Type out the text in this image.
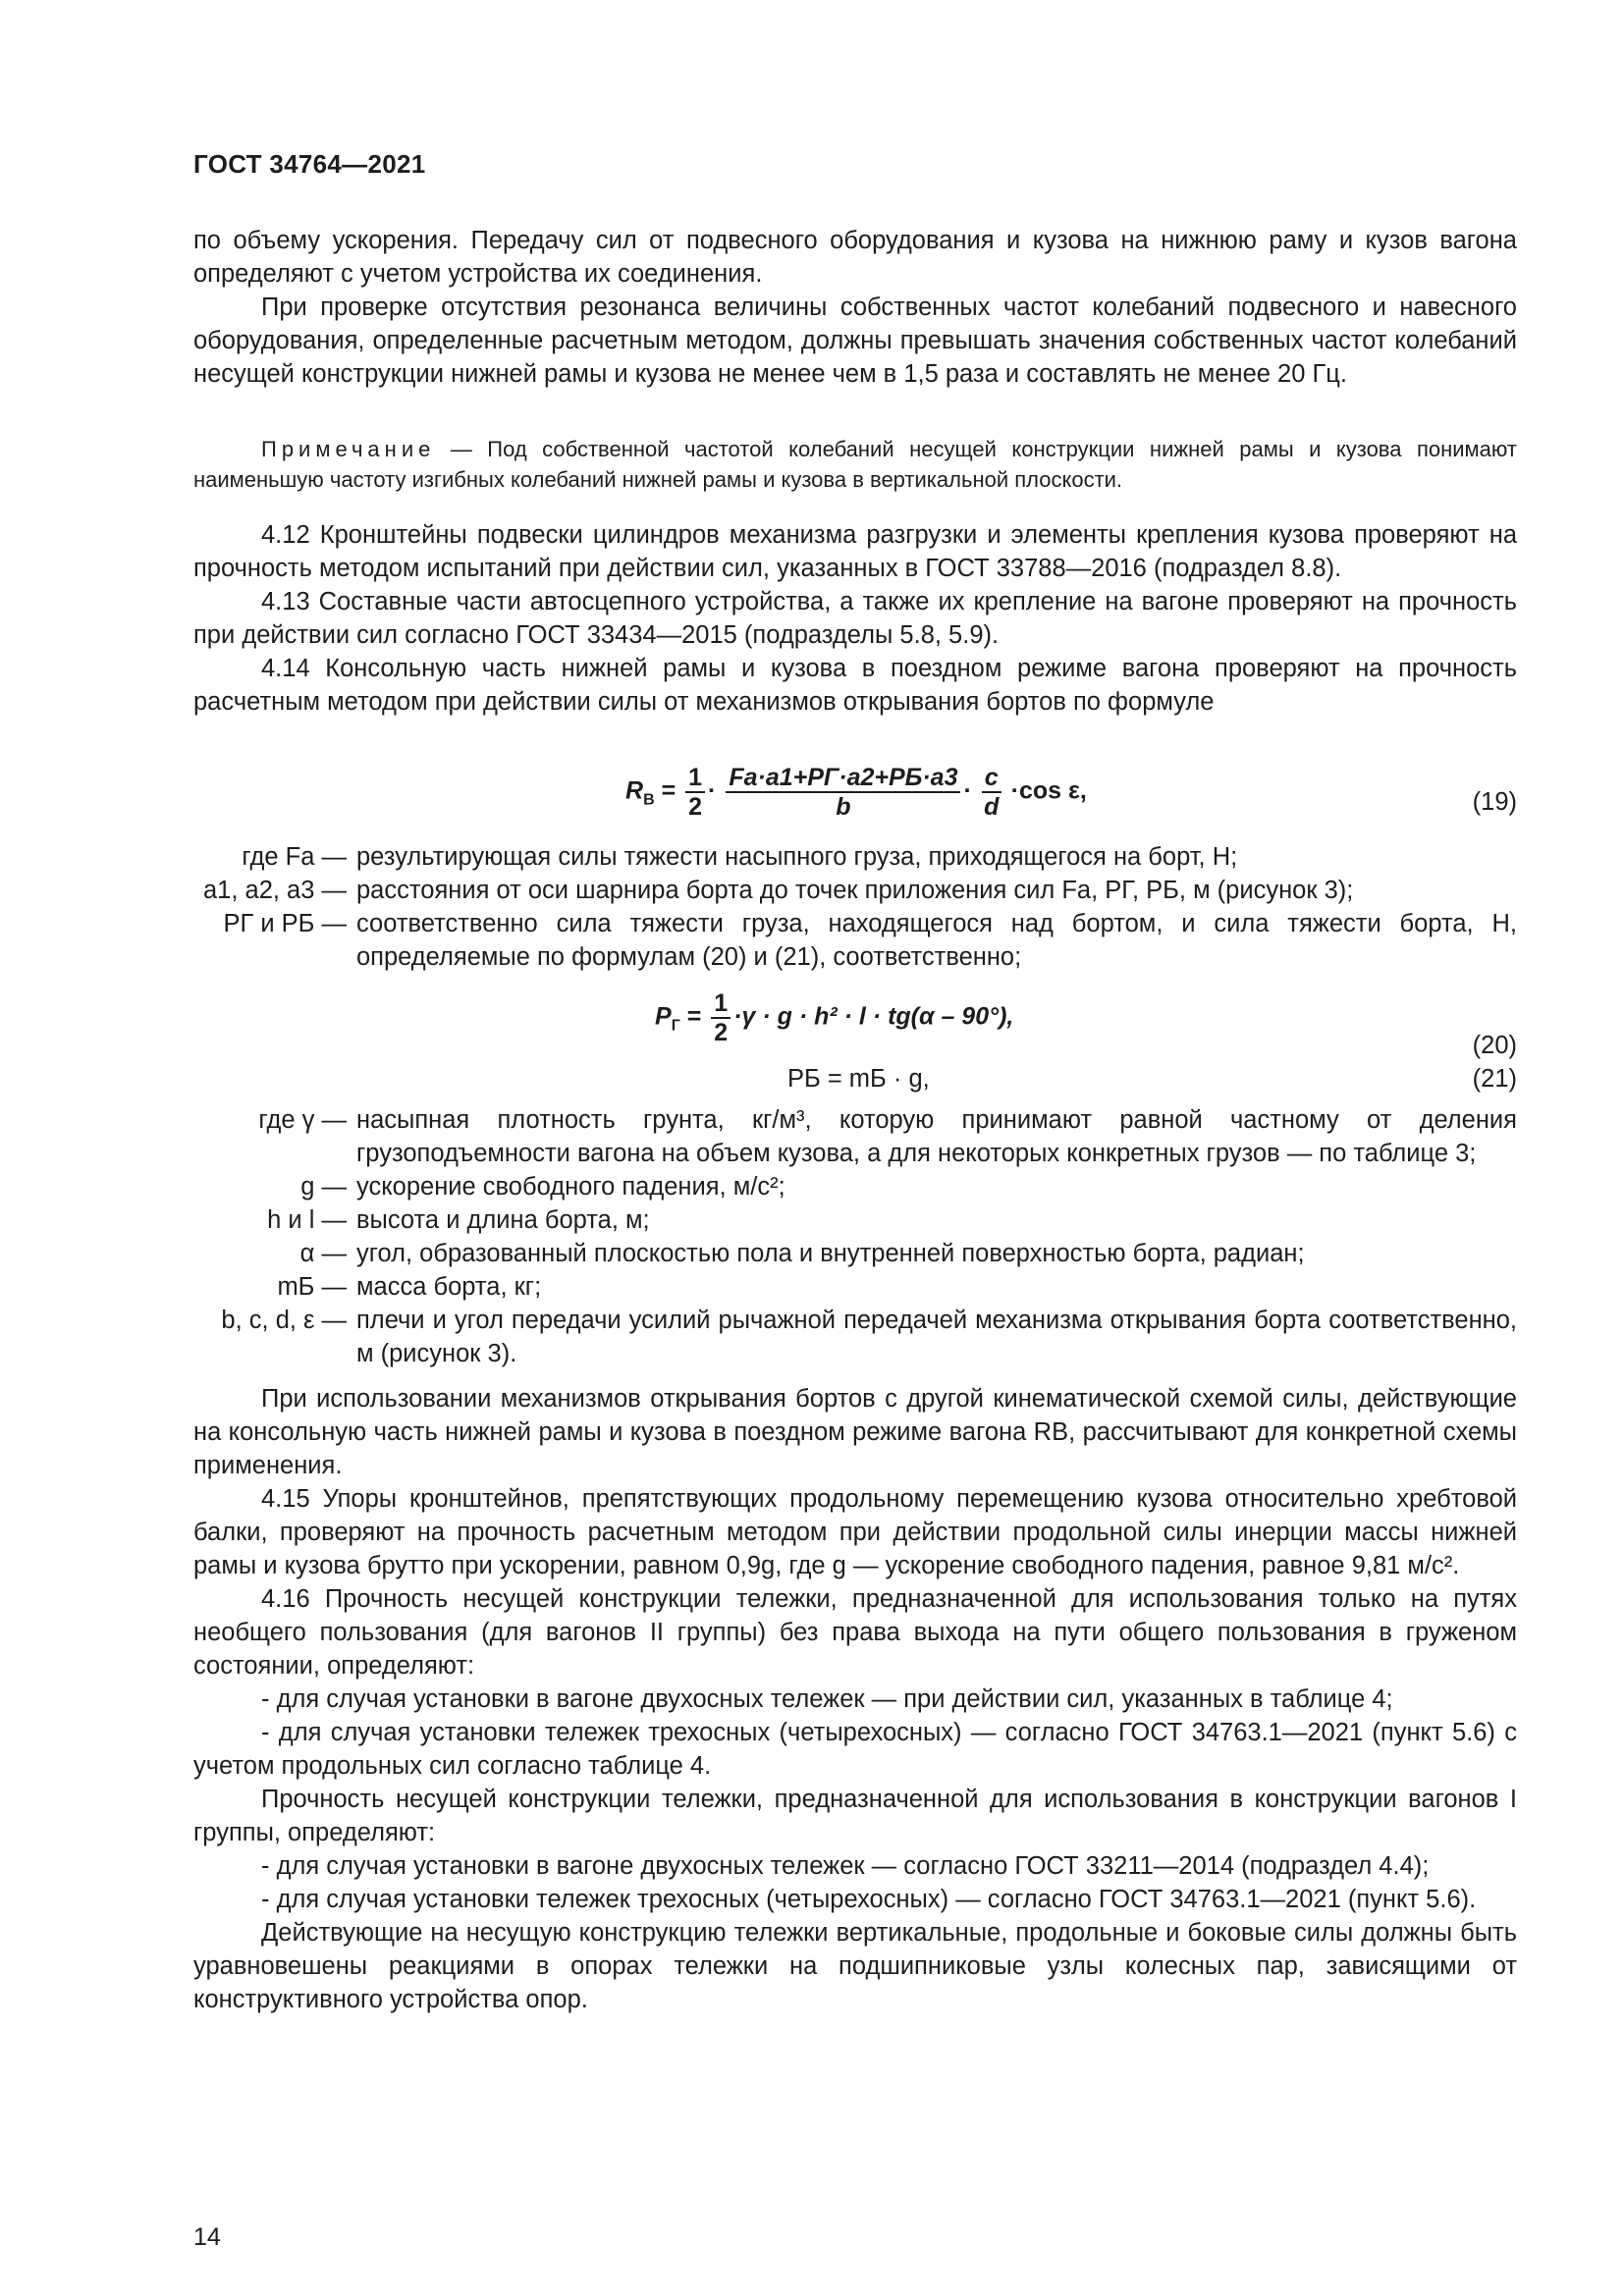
ГОСТ 34764—2021

по объему ускорения. Передачу сил от подвесного оборудования и кузова на нижнюю раму и кузов вагона определяют с учетом устройства их соединения.

При проверке отсутствия резонанса величины собственных частот колебаний подвесного и навесного оборудования, определенные расчетным методом, должны превышать значения собственных частот колебаний несущей конструкции нижней рамы и кузова не менее чем в 1,5 раза и составлять не менее 20 Гц.

Примечание — Под собственной частотой колебаний несущей конструкции нижней рамы и кузова понимают наименьшую частоту изгибных колебаний нижней рамы и кузова в вертикальной плоскости.

4.12 Кронштейны подвески цилиндров механизма разгрузки и элементы крепления кузова проверяют на прочность методом испытаний при действии сил, указанных в ГОСТ 33788—2016 (подраздел 8.8).

4.13 Составные части автосцепного устройства, а также их крепление на вагоне проверяют на прочность при действии сил согласно ГОСТ 33434—2015 (подразделы 5.8, 5.9).

4.14 Консольную часть нижней рамы и кузова в поездном режиме вагона проверяют на прочность расчетным методом при действии силы от механизмов открывания бортов по формуле

$R_В = \frac{1}{2} \cdot \frac{Fa\cdot a1+PГ\cdot a2+PБ\cdot a3}{b} \cdot \frac{c}{d} \cdot\cos$ ε,	(19)
где Fa — результирующая силы тяжести насыпного груза, приходящегося на борт, Н;
a1, a2, a3 — расстояния от оси шарнира борта до точек приложения сил Fa, PГ, PБ, м (рисунок 3);
PГ и PБ — соответственно сила тяжести груза, находящегося над бортом, и сила тяжести борта, Н, определяемые по формулам (20) и (21), соответственно;
$P_Г = \frac{1}{2} \cdot\gamma \cdot g \cdot h^2 \cdot l \cdot tg(\alpha - 90^\circ)$,
(20)
PБ = mБ · g,	(21)
где γ — насыпная плотность грунта, кг/м³, которую принимают равной частному от деления грузоподъемности вагона на объем кузова, а для некоторых конкретных грузов — по таблице 3;
g — ускорение свободного падения, м/с²;
h и l — высота и длина борта, м;
α — угол, образованный плоскостью пола и внутренней поверхностью борта, радиан;
mБ — масса борта, кг;
b, c, d, ε — плечи и угол передачи усилий рычажной передачей механизма открывания борта соответственно, м (рисунок 3).

При использовании механизмов открывания бортов с другой кинематической схемой силы, действующие на консольную часть нижней рамы и кузова в поездном режиме вагона RВ, рассчитывают для конкретной схемы применения.

4.15 Упоры кронштейнов, препятствующих продольному перемещению кузова относительно хребтовой балки, проверяют на прочность расчетным методом при действии продольной силы инерции массы нижней рамы и кузова брутто при ускорении, равном 0,9g, где g — ускорение свободного падения, равное 9,81 м/с².

4.16 Прочность несущей конструкции тележки, предназначенной для использования только на путях необщего пользования (для вагонов II группы) без права выхода на пути общего пользования в груженом состоянии, определяют:

- для случая установки в вагоне двухосных тележек — при действии сил, указанных в таблице 4;

- для случая установки тележек трехосных (четырехосных) — согласно ГОСТ 34763.1—2021 (пункт 5.6) с учетом продольных сил согласно таблице 4.

Прочность несущей конструкции тележки, предназначенной для использования в конструкции вагонов I группы, определяют:

- для случая установки в вагоне двухосных тележек — согласно ГОСТ 33211—2014 (подраздел 4.4);

- для случая установки тележек трехосных (четырехосных) — согласно ГОСТ 34763.1—2021 (пункт 5.6).

Действующие на несущую конструкцию тележки вертикальные, продольные и боковые силы должны быть уравновешены реакциями в опорах тележки на подшипниковые узлы колесных пар, зависящими от конструктивного устройства опор.

14
